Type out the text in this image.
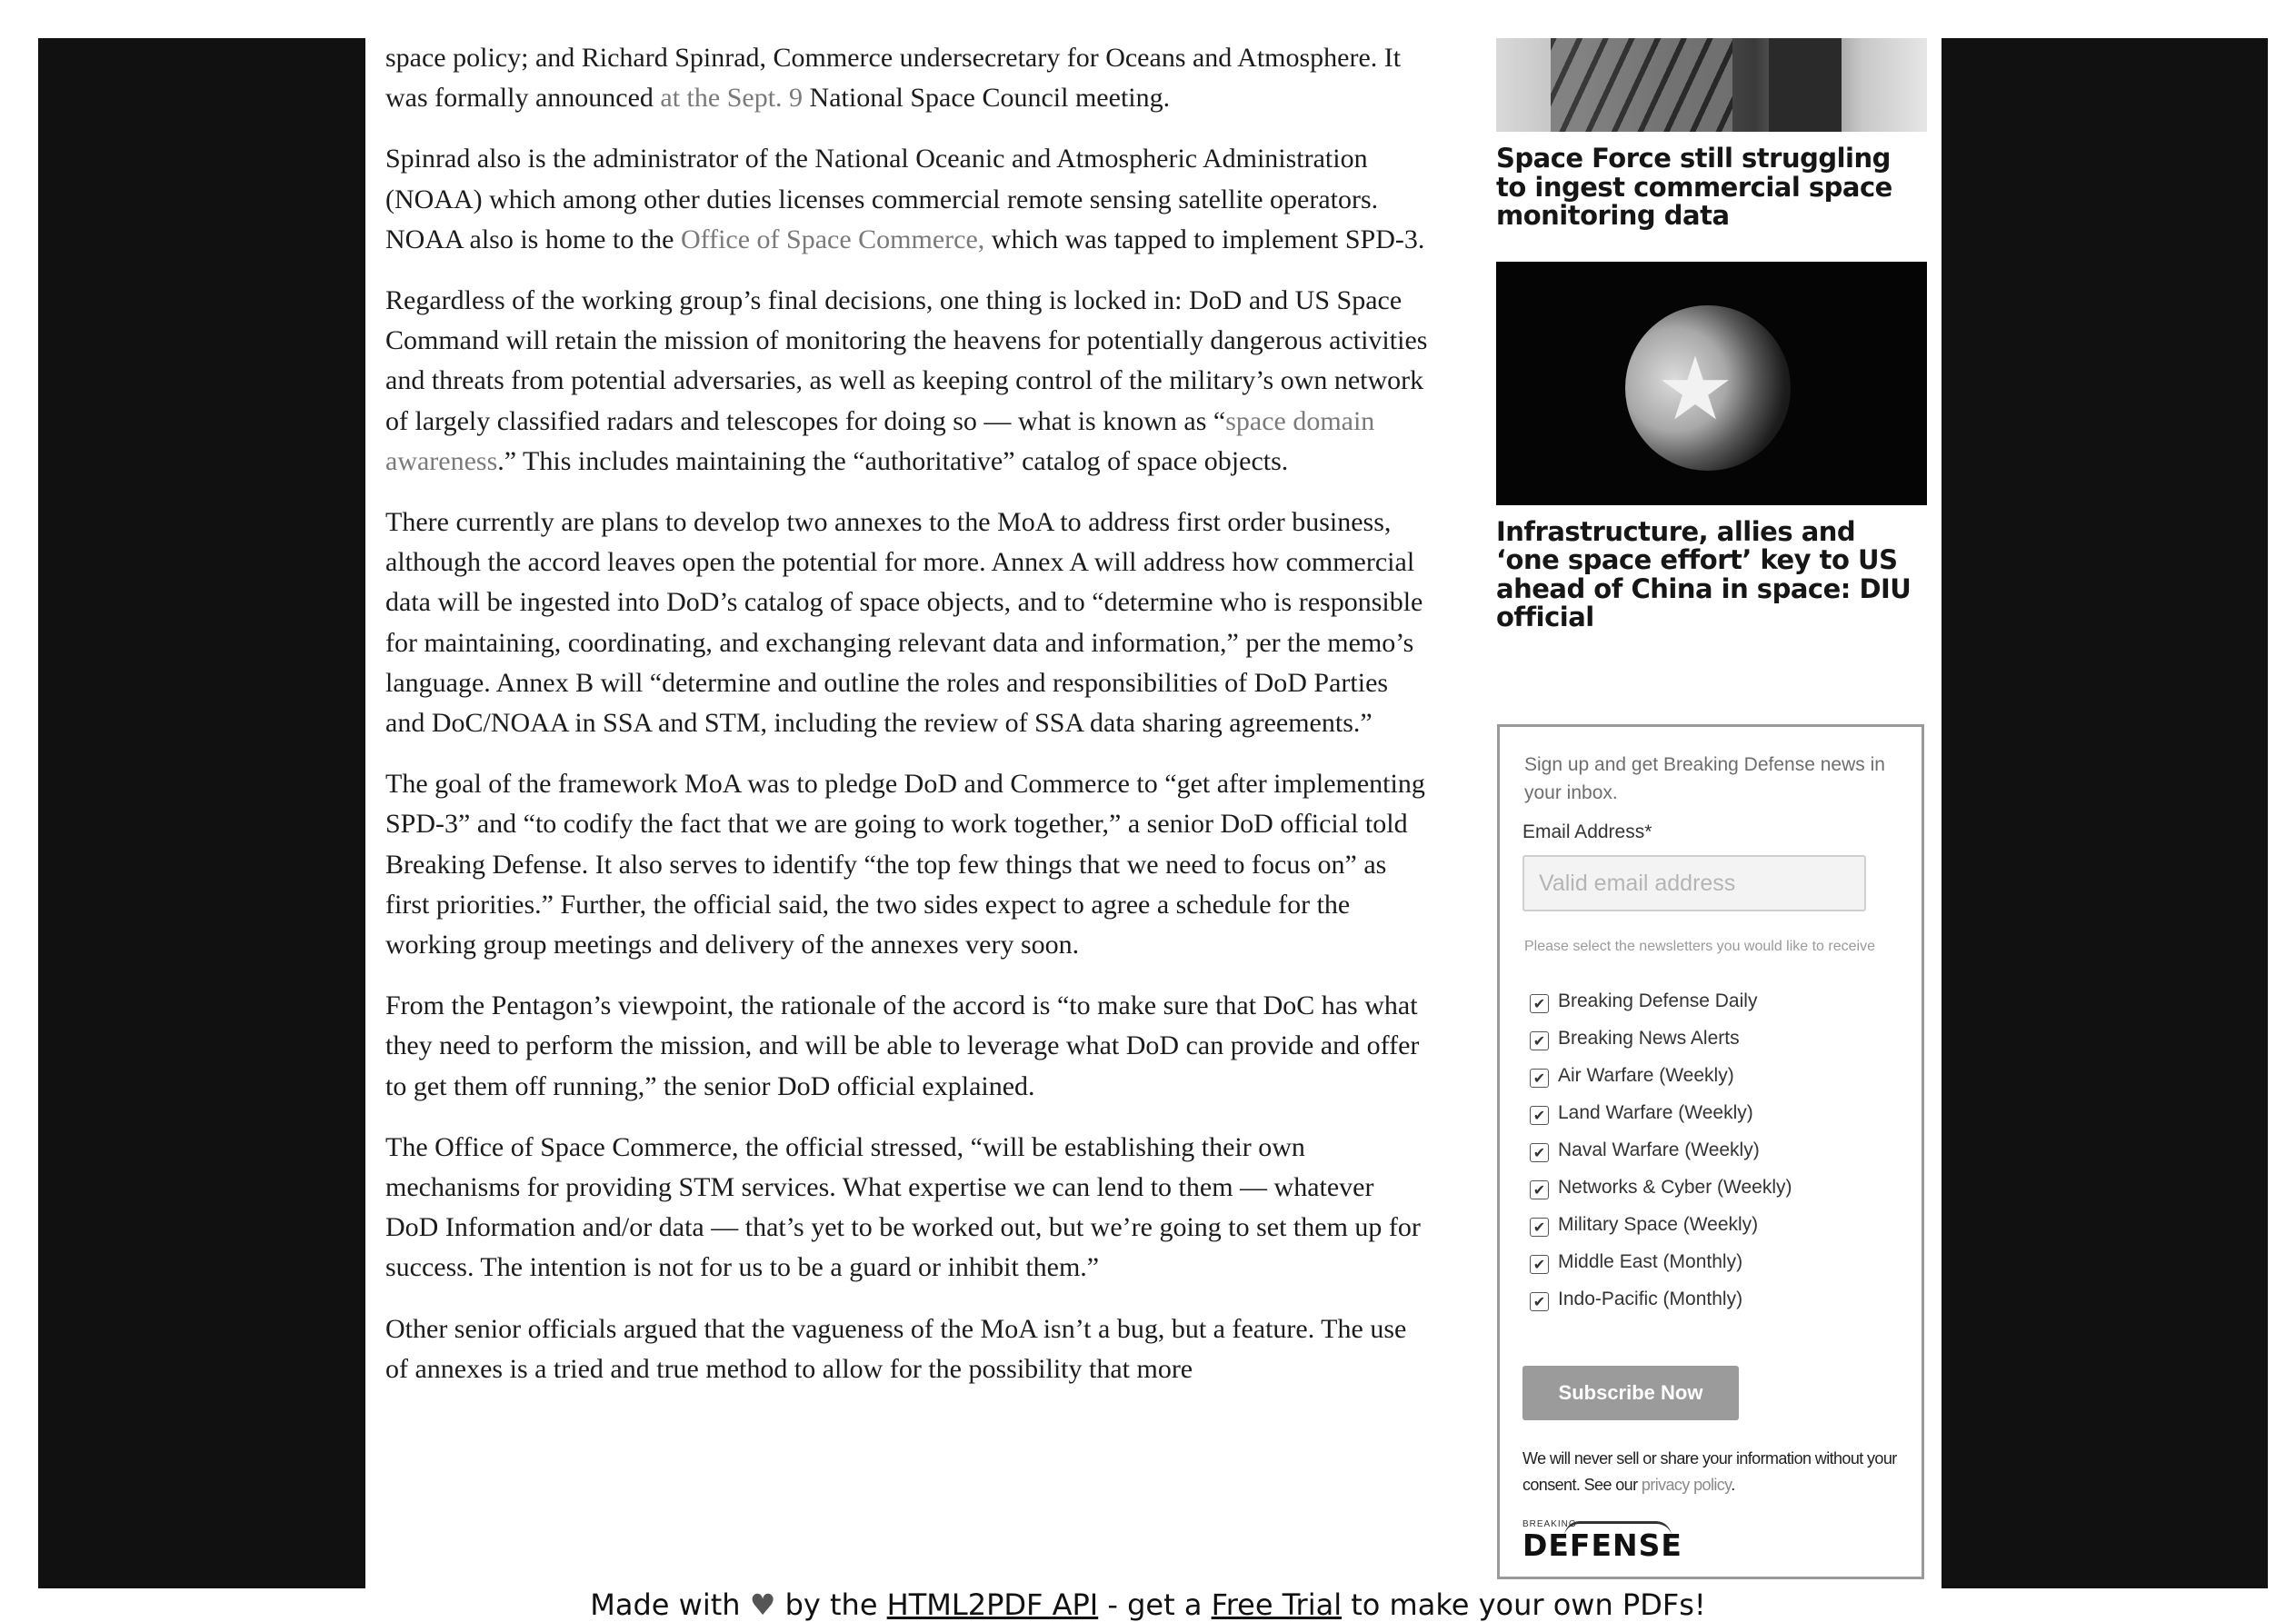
space policy; and Richard Spinrad, Commerce undersecretary for Oceans and Atmosphere. It was formally announced at the Sept. 9 National Space Council meeting.

Spinrad also is the administrator of the National Oceanic and Atmospheric Administration (NOAA) which among other duties licenses commercial remote sensing satellite operators. NOAA also is home to the Office of Space Commerce, which was tapped to implement SPD-3.

Regardless of the working group’s final decisions, one thing is locked in: DoD and US Space Command will retain the mission of monitoring the heavens for potentially dangerous activities and threats from potential adversaries, as well as keeping control of the military’s own network of largely classified radars and telescopes for doing so — what is known as “space domain awareness.” This includes maintaining the “authoritative” catalog of space objects.

There currently are plans to develop two annexes to the MoA to address first order business, although the accord leaves open the potential for more. Annex A will address how commercial data will be ingested into DoD’s catalog of space objects, and to “determine who is responsible for maintaining, coordinating, and exchanging relevant data and information,” per the memo’s language. Annex B will “determine and outline the roles and responsibilities of DoD Parties and DoC/NOAA in SSA and STM, including the review of SSA data sharing agreements.”

The goal of the framework MoA was to pledge DoD and Commerce to “get after implementing SPD-3” and “to codify the fact that we are going to work together,” a senior DoD official told Breaking Defense. It also serves to identify “the top few things that we need to focus on” as first priorities.” Further, the official said, the two sides expect to agree a schedule for the working group meetings and delivery of the annexes very soon.

From the Pentagon’s viewpoint, the rationale of the accord is “to make sure that DoC has what they need to perform the mission, and will be able to leverage what DoD can provide and offer to get them off running,” the senior DoD official explained.

The Office of Space Commerce, the official stressed, “will be establishing their own mechanisms for providing STM services. What expertise we can lend to them — whatever DoD Information and/or data — that’s yet to be worked out, but we’re going to set them up for success. The intention is not for us to be a guard or inhibit them.”

Other senior officials argued that the vagueness of the MoA isn’t a bug, but a feature. The use of annexes is a tried and true method to allow for the possibility that more

Space Force still struggling to ingest commercial space monitoring data
★
Infrastructure, allies and ‘one space effort’ key to US ahead of China in space: DIU official
Sign up and get Breaking Defense news in your inbox.
Email Address*
Valid email address
Please select the newsletters you would like to receive
✔ Breaking Defense Daily
✔ Breaking News Alerts
✔ Air Warfare (Weekly)
✔ Land Warfare (Weekly)
✔ Naval Warfare (Weekly)
✔ Networks & Cyber (Weekly)
✔ Military Space (Weekly)
✔ Middle East (Monthly)
✔ Indo-Pacific (Monthly)
Subscribe Now
We will never sell or share your information without your consent. See our privacy policy.
BREAKING
DEFENSE
Made with ♥ by the HTML2PDF API - get a Free Trial to make your own PDFs!
